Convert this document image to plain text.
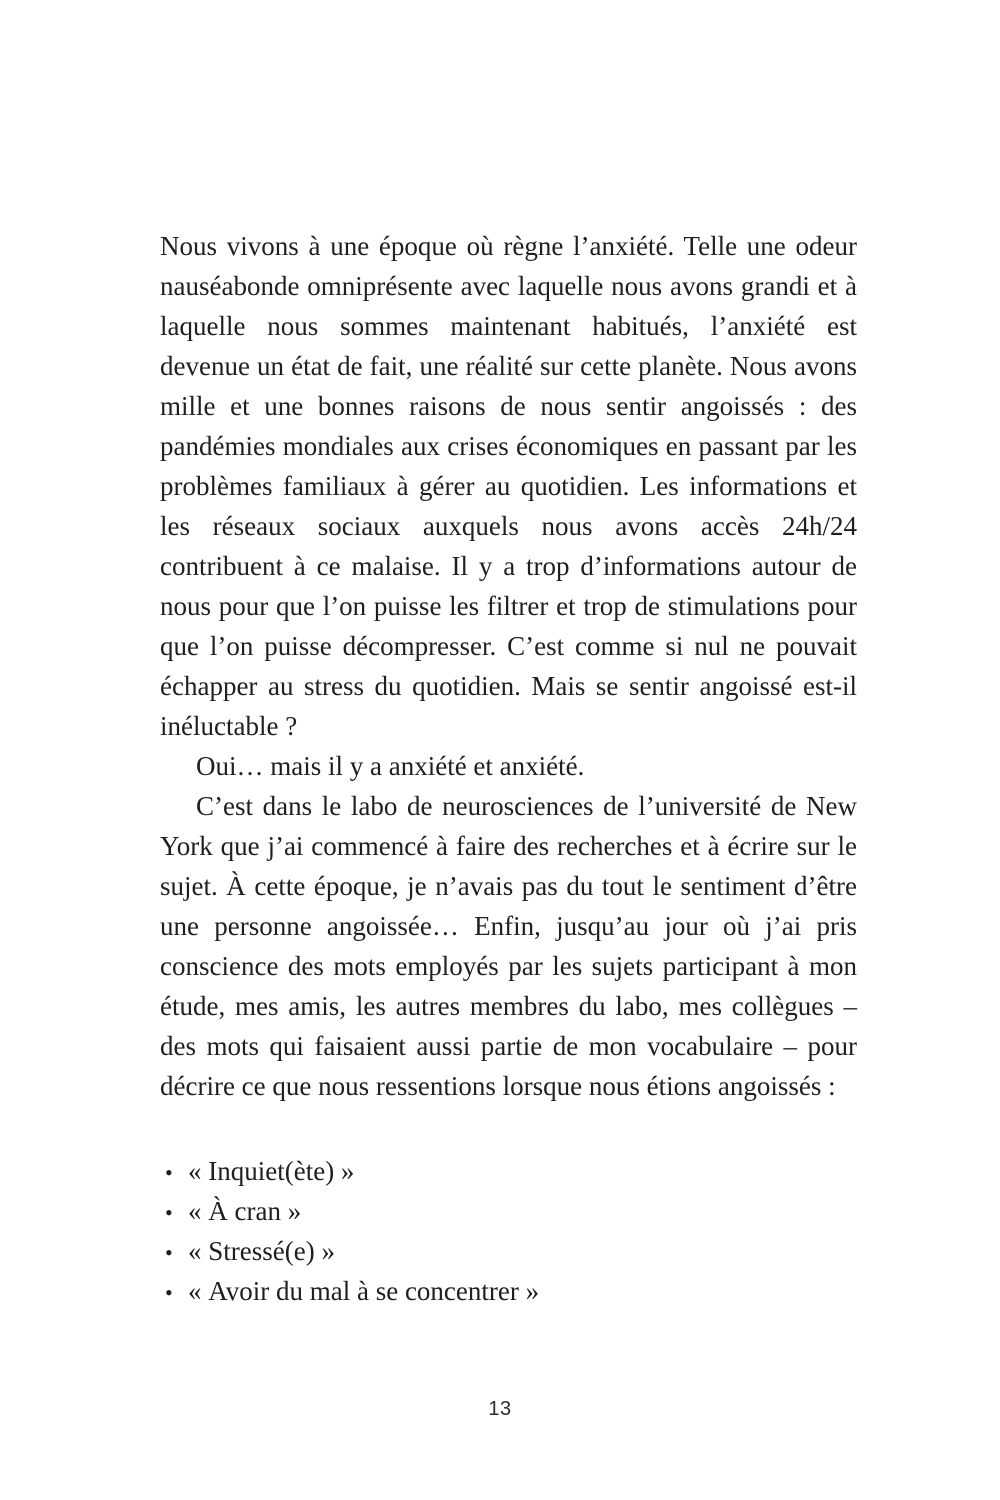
Nous vivons à une époque où règne l’anxiété. Telle une odeur nauséabonde omniprésente avec laquelle nous avons grandi et à laquelle nous sommes maintenant habitués, l’anxiété est devenue un état de fait, une réalité sur cette planète. Nous avons mille et une bonnes raisons de nous sentir angoissés : des pandémies mondiales aux crises économiques en passant par les problèmes familiaux à gérer au quotidien. Les informations et les réseaux sociaux auxquels nous avons accès 24h/24 contribuent à ce malaise. Il y a trop d’informations autour de nous pour que l’on puisse les filtrer et trop de stimulations pour que l’on puisse décompresser. C’est comme si nul ne pouvait échapper au stress du quotidien. Mais se sentir angoissé est-il inéluctable ?

Oui… mais il y a anxiété et anxiété.

C’est dans le labo de neurosciences de l’université de New York que j’ai commencé à faire des recherches et à écrire sur le sujet. À cette époque, je n’avais pas du tout le sentiment d’être une personne angoissée… Enfin, jusqu’au jour où j’ai pris conscience des mots employés par les sujets participant à mon étude, mes amis, les autres membres du labo, mes collègues – des mots qui faisaient aussi partie de mon vocabulaire – pour décrire ce que nous ressentions lorsque nous étions angoissés :

• « Inquiet(ète) »
• « À cran »
• « Stressé(e) »
• « Avoir du mal à se concentrer »
13
